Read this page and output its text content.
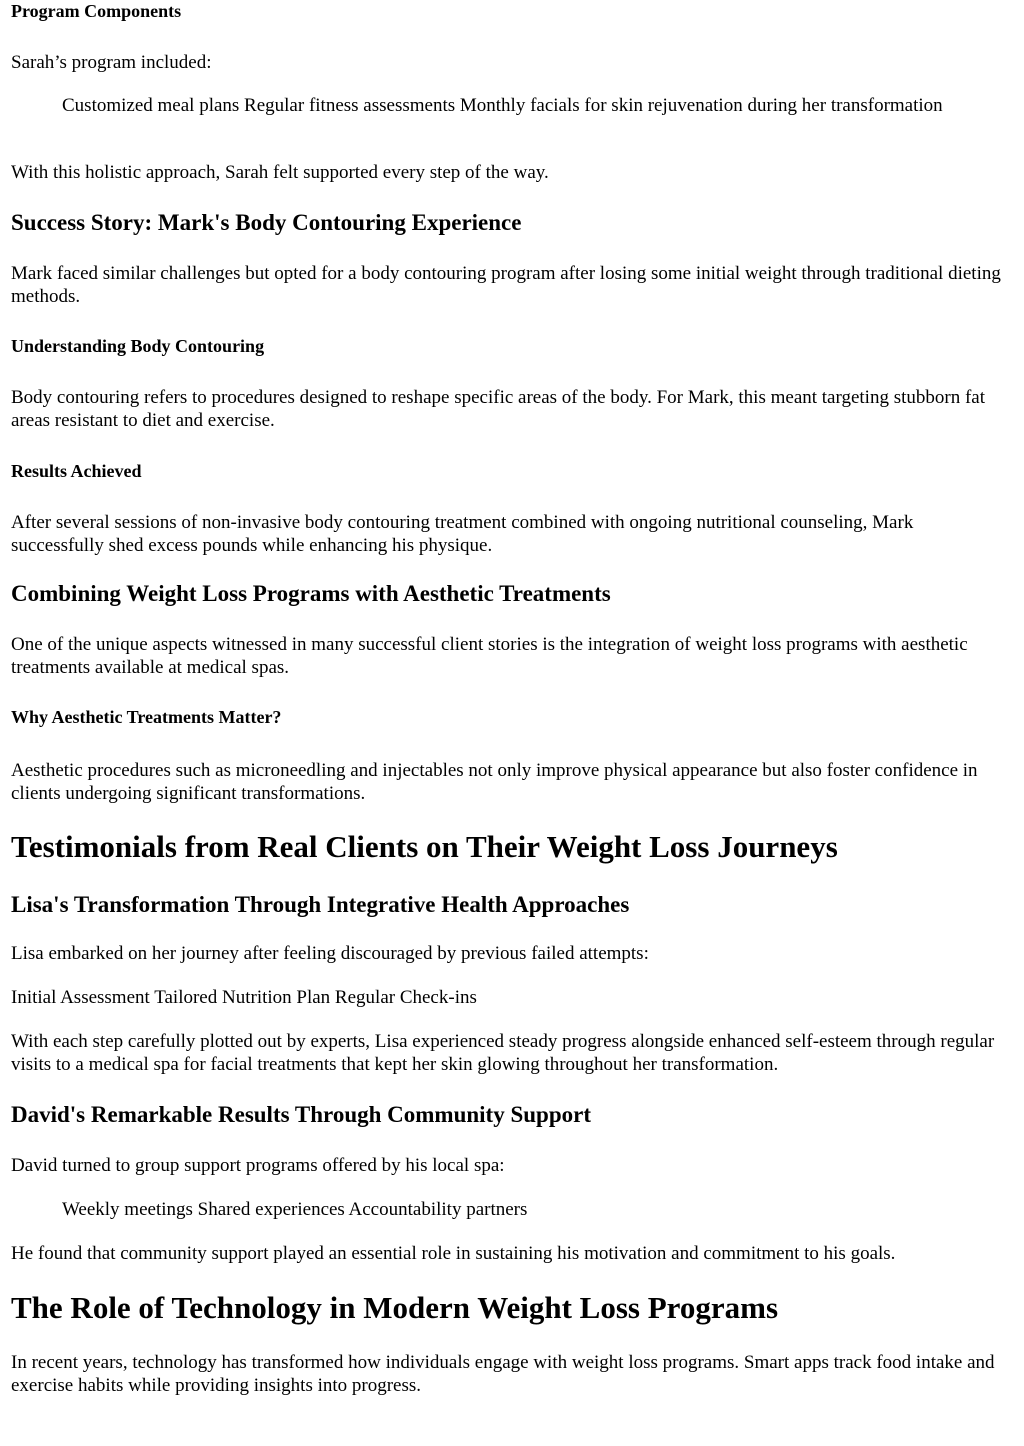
Program Components

Sarah’s program included:

Customized meal plans Regular fitness assessments Monthly facials for skin rejuvenation during her transformation

With this holistic approach, Sarah felt supported every step of the way.

Success Story: Mark's Body Contouring Experience

Mark faced similar challenges but opted for a body contouring program after losing some initial weight through traditional dieting methods.

Understanding Body Contouring

Body contouring refers to procedures designed to reshape specific areas of the body. For Mark, this meant targeting stubborn fat areas resistant to diet and exercise.

Results Achieved

After several sessions of non-invasive body contouring treatment combined with ongoing nutritional counseling, Mark successfully shed excess pounds while enhancing his physique.

Combining Weight Loss Programs with Aesthetic Treatments

One of the unique aspects witnessed in many successful client stories is the integration of weight loss programs with aesthetic treatments available at medical spas.

Why Aesthetic Treatments Matter?

Aesthetic procedures such as microneedling and injectables not only improve physical appearance but also foster confidence in clients undergoing significant transformations.

Testimonials from Real Clients on Their Weight Loss Journeys
Lisa's Transformation Through Integrative Health Approaches

Lisa embarked on her journey after feeling discouraged by previous failed attempts:

Initial Assessment Tailored Nutrition Plan Regular Check-ins

With each step carefully plotted out by experts, Lisa experienced steady progress alongside enhanced self-esteem through regular visits to a medical spa for facial treatments that kept her skin glowing throughout her transformation.

David's Remarkable Results Through Community Support

David turned to group support programs offered by his local spa:

Weekly meetings Shared experiences Accountability partners

He found that community support played an essential role in sustaining his motivation and commitment to his goals.

The Role of Technology in Modern Weight Loss Programs

In recent years, technology has transformed how individuals engage with weight loss programs. Smart apps track food intake and exercise habits while providing insights into progress.
